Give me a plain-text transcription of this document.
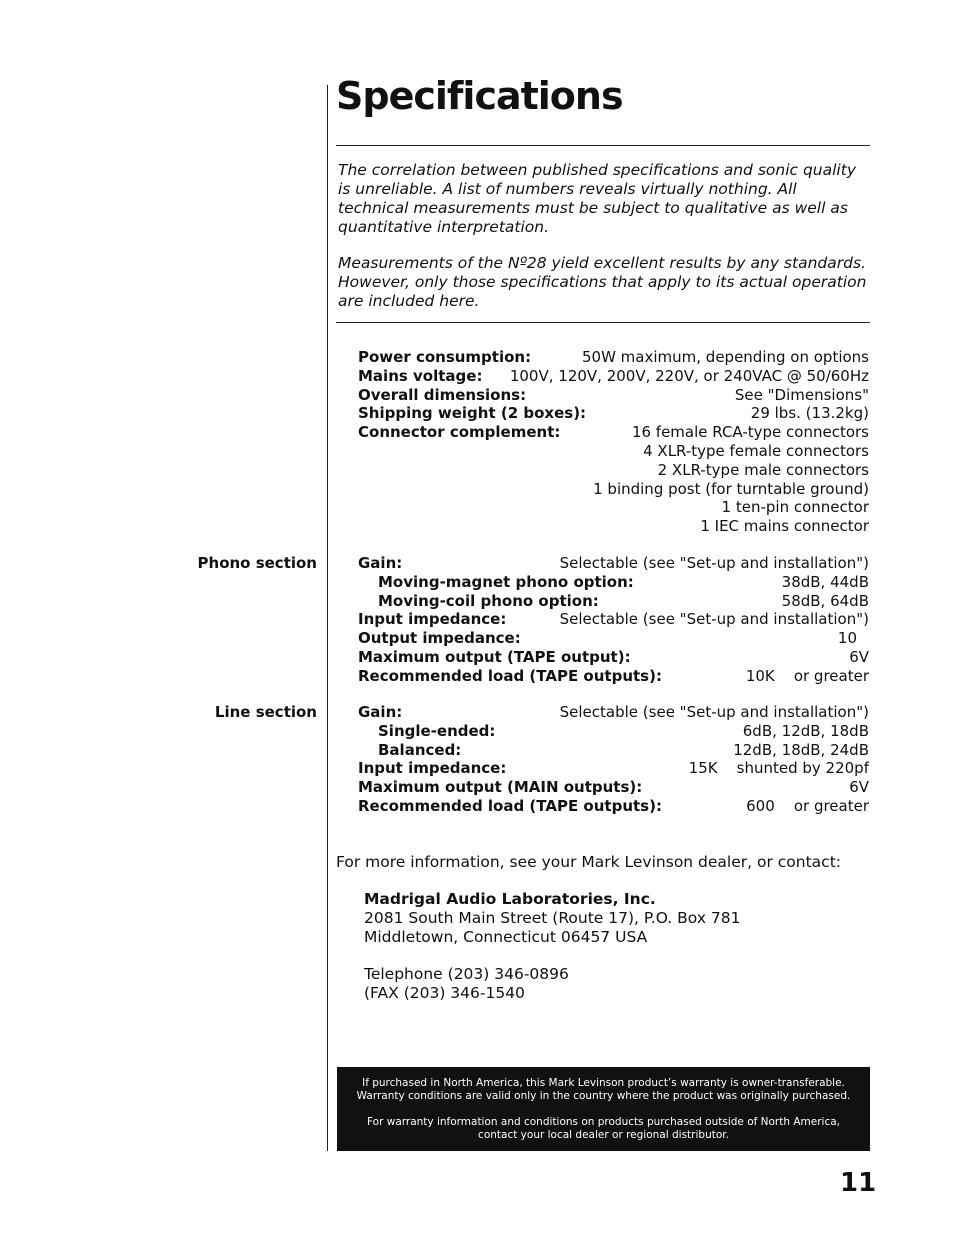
Specifications

The correlation between published specifications and sonic quality is unreliable. A list of numbers reveals virtually nothing. All technical measurements must be subject to qualitative as well as quantitative interpretation.

Measurements of the Nº28 yield excellent results by any standards. However, only those specifications that apply to its actual operation are included here.

Power consumption:	50W maximum, depending on options
Mains voltage: 100V, 120V, 200V, 220V, or 240VAC @ 50/60Hz
Overall dimensions:	See "Dimensions"
Shipping weight (2 boxes):	29 lbs. (13.2kg)
Connector complement:	16 female RCA-type connectors
4 XLR-type female connectors
2 XLR-type male connectors
1 binding post (for turntable ground)
1 ten-pin connector
1 IEC mains connector
Phono section	Gain:	Selectable (see "Set-up and installation")
Moving-magnet phono option:	38dB, 44dB
Moving-coil phono option:	58dB, 64dB
Input impedance:	Selectable (see "Set-up and installation")
Output impedance:	10
Maximum output (TAPE output):	6V
Recommended load (TAPE outputs):	10K    or greater
Line section	Gain:	Selectable (see "Set-up and installation")
Single-ended:	6dB, 12dB, 18dB
Balanced:	12dB, 18dB, 24dB
Input impedance:	15K    shunted by 220pf
Maximum output (MAIN outputs):	6V
Recommended load (TAPE outputs):	600    or greater
For more information, see your Mark Levinson dealer, or contact:
Madrigal Audio Laboratories, Inc.
2081 South Main Street (Route 17), P.O. Box 781
Middletown, Connecticut 06457 USA
Telephone (203) 346-0896
(FAX (203) 346-1540

If purchased in North America, this Mark Levinson product’s warranty is owner-transferable.

Warranty conditions are valid only in the country where the product was originally purchased.

For warranty information and conditions on products purchased outside of North America,

contact your local dealer or regional distributor.

11
